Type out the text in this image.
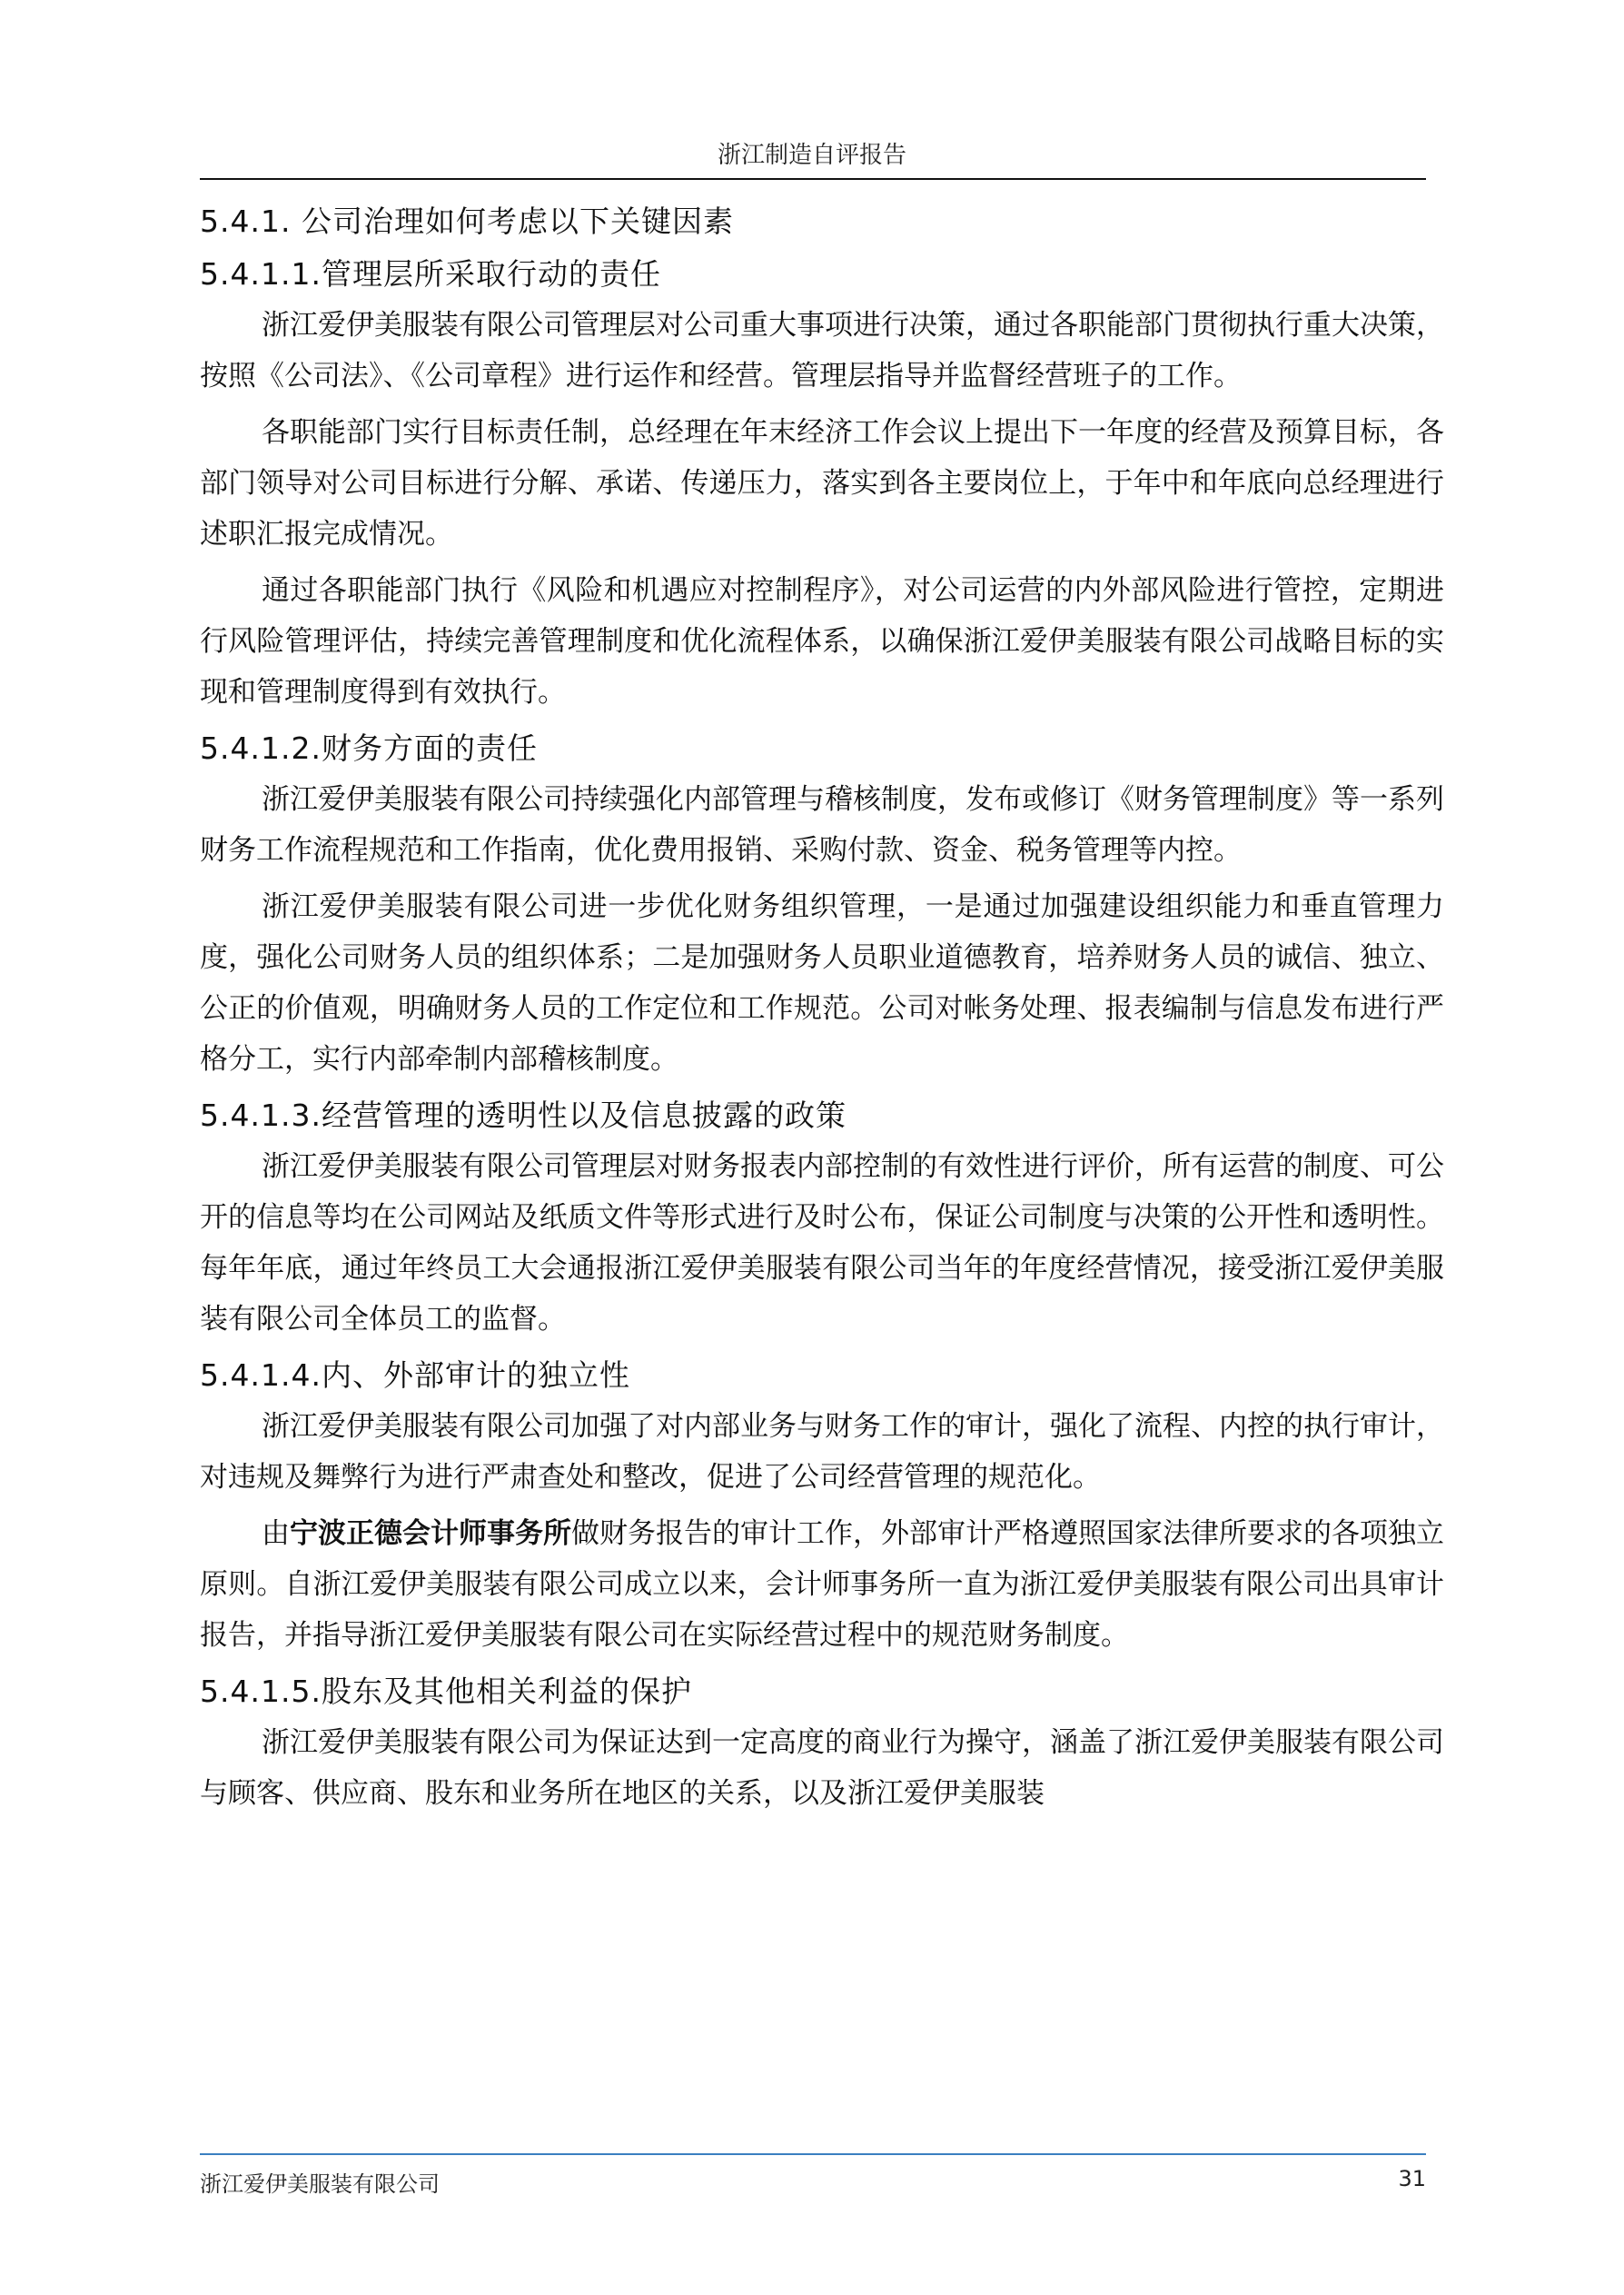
浙江制造自评报告
5.4.1. 公司治理如何考虑以下关键因素
5.4.1.1.管理层所采取行动的责任

浙江爱伊美服装有限公司管理层对公司重大事项进行决策，通过各职能部门贯彻执行重大决策，按照《公司法》、《公司章程》进行运作和经营。管理层指导并监督经营班子的工作。

各职能部门实行目标责任制，总经理在年末经济工作会议上提出下一年度的经营及预算目标，各部门领导对公司目标进行分解、承诺、传递压力，落实到各主要岗位上，于年中和年底向总经理进行述职汇报完成情况。

通过各职能部门执行《风险和机遇应对控制程序》，对公司运营的内外部风险进行管控，定期进行风险管理评估，持续完善管理制度和优化流程体系，以确保浙江爱伊美服装有限公司战略目标的实现和管理制度得到有效执行。

5.4.1.2.财务方面的责任

浙江爱伊美服装有限公司持续强化内部管理与稽核制度，发布或修订《财务管理制度》等一系列财务工作流程规范和工作指南，优化费用报销、采购付款、资金、税务管理等内控。

浙江爱伊美服装有限公司进一步优化财务组织管理，一是通过加强建设组织能力和垂直管理力度，强化公司财务人员的组织体系；二是加强财务人员职业道德教育，培养财务人员的诚信、独立、公正的价值观，明确财务人员的工作定位和工作规范。公司对帐务处理、报表编制与信息发布进行严格分工，实行内部牵制内部稽核制度。

5.4.1.3.经营管理的透明性以及信息披露的政策

浙江爱伊美服装有限公司管理层对财务报表内部控制的有效性进行评价，所有运营的制度、可公开的信息等均在公司网站及纸质文件等形式进行及时公布，保证公司制度与决策的公开性和透明性。每年年底，通过年终员工大会通报浙江爱伊美服装有限公司当年的年度经营情况，接受浙江爱伊美服装有限公司全体员工的监督。

5.4.1.4.内、外部审计的独立性

浙江爱伊美服装有限公司加强了对内部业务与财务工作的审计，强化了流程、内控的执行审计，对违规及舞弊行为进行严肃查处和整改，促进了公司经营管理的规范化。

由宁波正德会计师事务所做财务报告的审计工作，外部审计严格遵照国家法律所要求的各项独立原则。自浙江爱伊美服装有限公司成立以来，会计师事务所一直为浙江爱伊美服装有限公司出具审计报告，并指导浙江爱伊美服装有限公司在实际经营过程中的规范财务制度。

5.4.1.5.股东及其他相关利益的保护

浙江爱伊美服装有限公司为保证达到一定高度的商业行为操守，涵盖了浙江爱伊美服装有限公司与顾客、供应商、股东和业务所在地区的关系，以及浙江爱伊美服装

浙江爱伊美服装有限公司	31
